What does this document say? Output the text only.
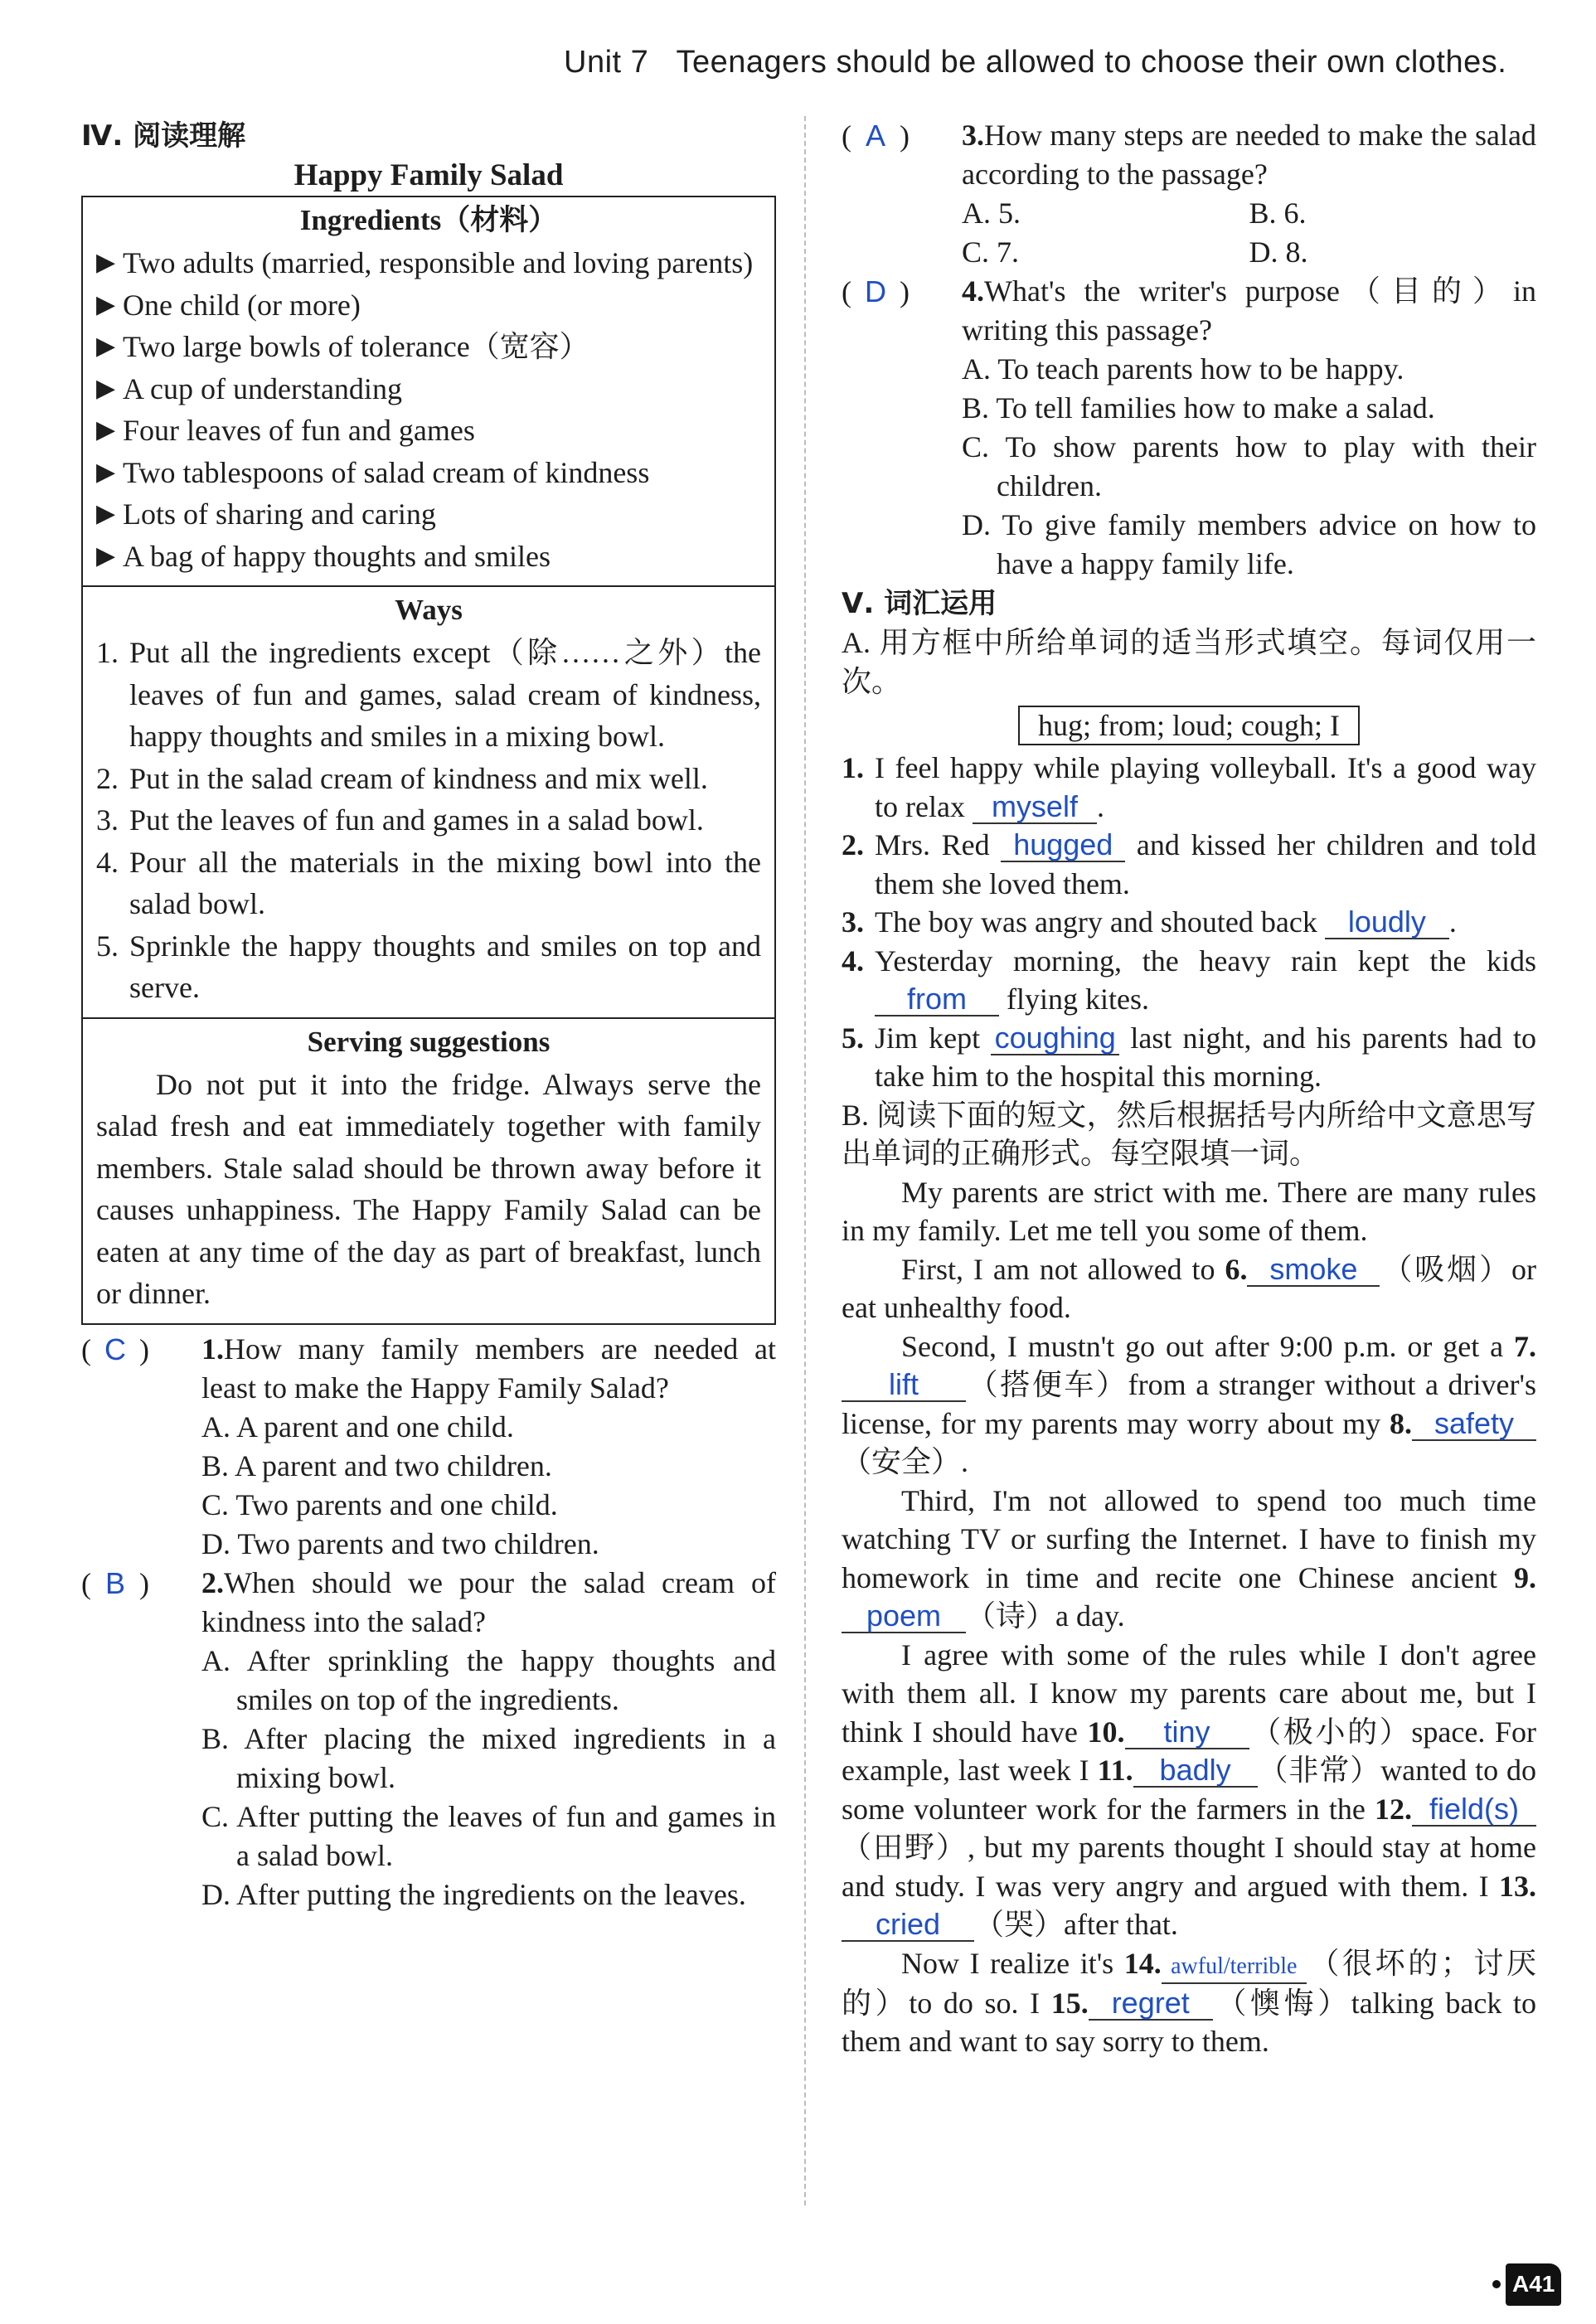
Unit 7 Teenagers should be allowed to choose their own clothes.
Ⅳ. 阅读理解
Happy Family Salad
Ingredients（材料）
▶ Two adults (married, responsible and loving parents)
▶ One child (or more)
▶ Two large bowls of tolerance（宽容）
▶ A cup of understanding
▶ Four leaves of fun and games
▶ Two tablespoons of salad cream of kindness
▶ Lots of sharing and caring
▶ A bag of happy thoughts and smiles
Ways
1. Put all the ingredients except（除……之外）the leaves of fun and games, salad cream of kindness, happy thoughts and smiles in a mixing bowl.
2. Put in the salad cream of kindness and mix well.
3. Put the leaves of fun and games in a salad bowl.
4. Pour all the materials in the mixing bowl into the salad bowl.
5. Sprinkle the happy thoughts and smiles on top and serve.
Serving suggestions
Do not put it into the fridge. Always serve the salad fresh and eat immediately together with family members. Stale salad should be thrown away before it causes unhappiness. The Happy Family Salad can be eaten at any time of the day as part of breakfast, lunch or dinner.
( C ) 1.How many family members are needed at least to make the Happy Family Salad?
A. A parent and one child.
B. A parent and two children.
C. Two parents and one child.
D. Two parents and two children.
( B ) 2.When should we pour the salad cream of kindness into the salad?
A. After sprinkling the happy thoughts and smiles on top of the ingredients.
B. After placing the mixed ingredients in a mixing bowl.
C. After putting the leaves of fun and games in a salad bowl.
D. After putting the ingredients on the leaves.
( A ) 3.How many steps are needed to make the salad according to the passage?
A. 5.	B. 6.
C. 7.	D. 8.
( D ) 4.What's the writer's purpose（目的）in writing this passage?
A. To teach parents how to be happy.
B. To tell families how to make a salad.
C. To show parents how to play with their children.
D. To give family members advice on how to have a happy family life.
Ⅴ. 词汇运用
A. 用方框中所给单词的适当形式填空。每词仅用一次。
hug; from; loud; cough; I
1. I feel happy while playing volleyball. It's a good way to relax myself .
2. Mrs. Red hugged and kissed her children and told them she loved them.
3. The boy was angry and shouted back loudly .
4. Yesterday morning, the heavy rain kept the kids from flying kites.
5. Jim kept coughing last night, and his parents had to take him to the hospital this morning.
B. 阅读下面的短文，然后根据括号内所给中文意思写出单词的正确形式。每空限填一词。
My parents are strict with me. There are many rules in my family. Let me tell you some of them.
First, I am not allowed to 6. smoke （吸烟）or eat unhealthy food.
Second, I mustn't go out after 9:00 p.m. or get a 7.lift （搭便车）from a stranger without a driver's license, for my parents may worry about my 8. safety（安全）.
Third, I'm not allowed to spend too much time watching TV or surfing the Internet. I have to finish my homework in time and recite one Chinese ancient 9.poem （诗）a day.
I agree with some of the rules while I don't agree with them all. I know my parents care about me, but I think I should have 10. tiny （极小的）space. For example, last week I 11. badly （非常）wanted to do some volunteer work for the farmers in the 12. field(s)（田野）, but my parents thought I should stay at home and study. I was very angry and argued with them. I 13.cried （哭）after that.
Now I realize it's 14. awful/terrible （很坏的；讨厌的）to do so. I 15. regret （懊悔）talking back to them and want to say sorry to them.
A41
